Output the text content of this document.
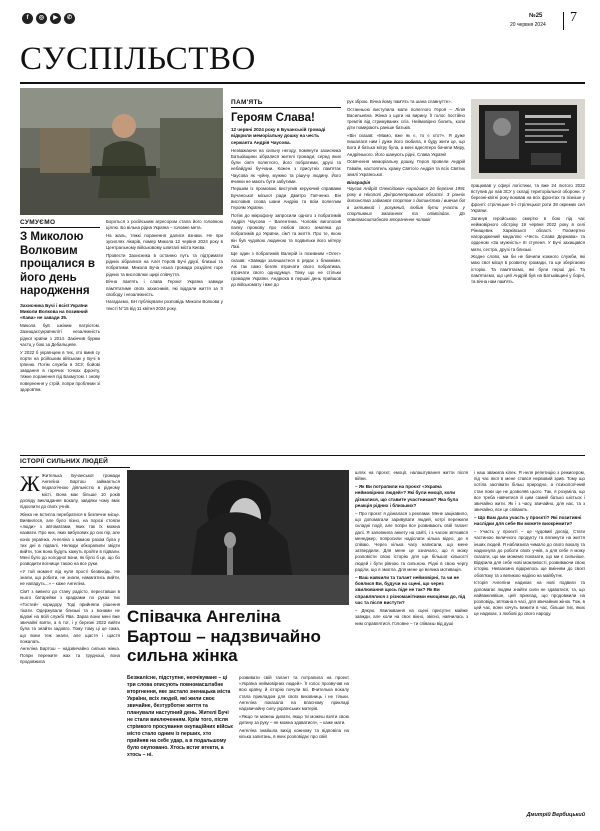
f	◎	▶	✆	№25
20 червня 2024 7
СУСПІЛЬСТВО
СУМУЄМО
З Миколою Волковим прощалися в його день народження

Захисника Бучі і всієї України Миколи Волкова на позивний «Кава» не завади 35.

Микола був шкіним патріотом. Захищаєсукраїнеліті незалежність рідної країни з 2014. Закінчив бурми частц у бою за Дебальцеве.

У 2022 б українцем в тих, хто вмив су порти на рсійським військам у Бучі в Ірпеню. Потім служба в ЗСУ, бойові завдання в гарячих точках фронту, тяжке поранення під Бахмутом. І знову повернення у стрій, попри проблеми зі здоров'ям.

Бороться з російським агресором стала його головною ціллю. Бо вільна рідна Україна – головне мета.

На жаль, тяжкі поранення далися взнаки. Не при зусиллях лікарів, помер Микола 12 червня 2024 року в Центральному військовому шпиталі міста Києва.

Провести Захисника в останню путь та підтримати рідних зібралися на Алеї Героїв Бучі друзі, близькі та побратими. Микола Буча нська громада розділяє горе рідних та висловлює щирі співчуття.

Вічна пам'ять і слава Герою! Україна завжди пам'ятатиме своїх захисників, які віддали життя за її свободу і незалежність.

Нагадаємо, БН публікували розповідь Миколи Волкова у тексті N°15 від 11 квітня 2024 року.

ПАМ'ЯТЬ
Героям Слава!

12 червні 2024 року в Бучанській громаді відкрили меморіальну дошку на честь сержанта Андрія Чаусова.

Незважаючи на сильну негоду, помянути захисника Батьківщини зібралися жителі громади, серед яких були сім'я полеглого, його побратими, друзі та небайдужі буччани. Кожен з присутніх пам'ятає Чаусова як чуйну, мужню та рішучу людину. Його вчинки не мають бути забутими.

Першим із промовою виступив керуючий справами Бучанської міської ради Дмитро Гапченко. Він висловив слова шани Андрію та всім полеглим Героям України.

Потім до мікрофону запросили одного з побратимів Андрія Чаусова – Валентина. Чоловік виголосив палку промову про любов свого земляка до побратимів до України, сім'ї та життя. Про те, якою він був чудовою людиною та подвигьки його мітеру Лазі.

Ще один з побратимів Валерій із позивним «Олег» сказав: «Завжди залишаєтеся в рядах з ближніми. Аж так само безгяк втрачати свого побратима, втрачати свого однодумця. Тому що не стільки громадян України. Андрюха в першиі день прийшов до військомату і вже до

рук зброю. Вічна йому пам'ять та шана славнутте».

Останньою виступила мати полеглого Героя – Лілія Васильевна. Жінка з щоги на вирину. Її голос постійно тремтів від стримуваних сліз. Неймовірно болить, коли діти помирають раніше батьків.

«Він сказав: «Мамо, вже як є, то є хто?». Я дуже пишалася ним і дуже його любила, я буду жити це, що Бога й батька мітру була, а мені вдесятеро бачили Миру, Андріїнького. Його шанують рідні, Слава Україні!

Освячення меморіальну дошку, Героя провели Андрій Гавайн, настоятель храму Святого Андрія та всіх Святих землі Української.

Біографія

Чаусов Андрій Олексійович народився 26 березня 1991 року в Нікополі Дніпропетровської області. З ранніх дитинства займався спортом з дитинства і вивчав бої в активний і розумний, любив бути участь у спортивних змаганнях та олімпіадах. До повномасштабного вторгнення чоловік

працював у сфері логістики, та вже 24 лютого 2022 вступив до лав ЗСУ у складі територіальної оборони. У березні-квітні року воював на всіх фронтах та пізніше у фронті: стрілецьке 5-і стрілецької роти 38 окремих сил України.

Загинув геройською смертю в бою під час неймовірного обстріку 19 червня 2022 року в селі Рінищевик Харківської області. Посмертно нагороджений медаллю «Честь Слава Держава» та орденом «За мужність» III ступеня. У Бучі захищався мати, сестра, друзі та близькі.

Жодне слово, ми би не бачили кожного служби, які маю свої місця в розвитку громади, та ще зберігаємо історію. Та пам'ятаємо, які були перші дні. Та пам'ятаємо, що цей Андрій був на Батьківщині у борні, та вічна нам пам'ять.

ІСТОРІЇ СИЛЬНИХ ЛЮДЕЙ
Ж Жителька Бучанської громади Ангеліна Бартош займається педагогічною діяльністю в рідному місті. Вона має більше 10 років досвіду викладання вокалу, завдяки чому вміє підхопити до своїх учнів.

Жінка не встигла перебратися в безпечне місце. Виявилося, але було пізно, на порозі стояли «люди» з автоматами, яких так їх можна назвати. Про них, яких вибухових до сих пір, але коніх українка. Ангеліна з мамою разом була у тих дні в підвалі. Нелюди обкорапили звідти вийти, тож вона будуть кажуть пройти в підвали. Мені було до холодної вони, як було б це, що бо розводити вогнище такою на все руки.

«У той момент від нуля прості безвихідь. Не знали, що робити, не знали, намагатись вийти, не нападуть...» – каже Ангеліна.

Сім'ї з вивело до стану радісто, переставши в нього батарейки з крадками по руках тих «Гостей» коридору. Тоді прийняли рішення тікати. Одержували близькі та з вонами не відомі на всій службі Ява. Зараз вони мені вже звичайні взяти, а в тої, і у березні 2022 вийти була та знайти задовго. Тому тому ці це сама, що вони теж знали, але щастя і щастя пожалать.

Ангеліна Бартош – надзвичайно сильна жінка. Попри пережите жах та трудноші, вона продовжила

Співачка Ангеліна Бартош – надзвичайно сильна жінка
Безжалісне, підступне, неочікуване – ці три слова описують повномасштабне вторгнення, яке застало зненацька міста України, всіх людей, які жили своє звичайне, безтурботне життя та планували наступний день. Жителі Бучі не стали виключенням. Крім того, після стрімкого просування окупаційних військ місто стало одним із перших, хто прийняв на себе удар, а в подальшому було окуповано. Хтось встиг втекти, а хтось – ні.

розвивати свій талант та потрапила на проект «Україна неймовірних людей». Її голос прозвучав на всю країну, й історію почули всі. Вчителька вокалу стала прикладом для своїх виховниць і не тільки. Ангеліна показала на власному прикладі надзвичайну силу українських матерів.

«Якщо ти можеш дихати, якщо ти можеш взяти свою дитину за руку – не можна здаватися», – каже мати.

Ангеліна знайшла вихід кожному та відповіла на кілька запитань, в яких розповідає про свій

шлях на проєкт, емоції, налаштування житти після війни.

– Як Ви потрапили на проєкт «Україна неймовірних людей»? Які були емоції, коли дізналися, що ставите участникам? Яка була реакція рідних і близьких?

– Про проєкт я дізналася з реклами. Мене зацікавило, що допомагали заривувати людей, котрі пережили складні події, але попри все розвивають свій талант далі. Я заповнила анкету на сайті, і з часом зв'язався менеджер, попросили надіслати кілька відео, де я співаю. Через кілька часу написали, що мене затвердили. Для мене це означало, що я можу розповісти свою історію для ще більшої кількості людей і бути рівною та сильною. Рідні в свою чергу раділи, що я змогла. Для мене це велика мотивація.

– Ваш навчили та талант неймовірні, та чи не боялися Ви, будучи на сцені, що через хвилювання щось піде не так? Як Ви справлялися з різноманітними емоціями до, під час та після вистути?

– Дякую. Хвилювання на сцені присутнє майже завжди, але коли на своє вікно, звісно, навчилась з ним справлятися. Головне – ти співаєш від душі

і наш зважила кілек. Я неля репетицію з режисером, під час якої в мене стався нервовий зрив. Тому що хотіла заспівати більш природно, а психологічний стан поки ще не дозволяв цього. Так, я розуміла, що все треба навчитися й цим самий батько шістьох і звичайно жити. Як і з часу, звичайно, для нас, та з звичайно, все це співають.

– Що Вам дала участь у проєкті? Які позитивні наслідки для себе Ви можете виокремити?

– Участь у проєкті – це чудовий досвід. Стати частиною величного продукту та вплинути на життя інших людей. Я наблизила чимало до свого вокалу та надихнула до роботи своїх учнів, а для себе я можу сказати, що ми можемо показати, що ми є сильніше. Відкрила для себе нові можливості, розвиваючи свою історію. Невзаємно відкрилось ще вмінням до своєї обов'язку та з великою надією на майбутнє.

Історія Ангеліни надихає на нові подвиги та допомагає людям знайти сили не здаватися, та, що найважливіше, цей приклад, що продовжили на розповідь, зв'язана в часі, для звичайних жінок. Тож, в цей час, вони хочуть вижити в час, більше тих, яких це надихає, з любові до свого народу.

Дмитрій Вербицький
